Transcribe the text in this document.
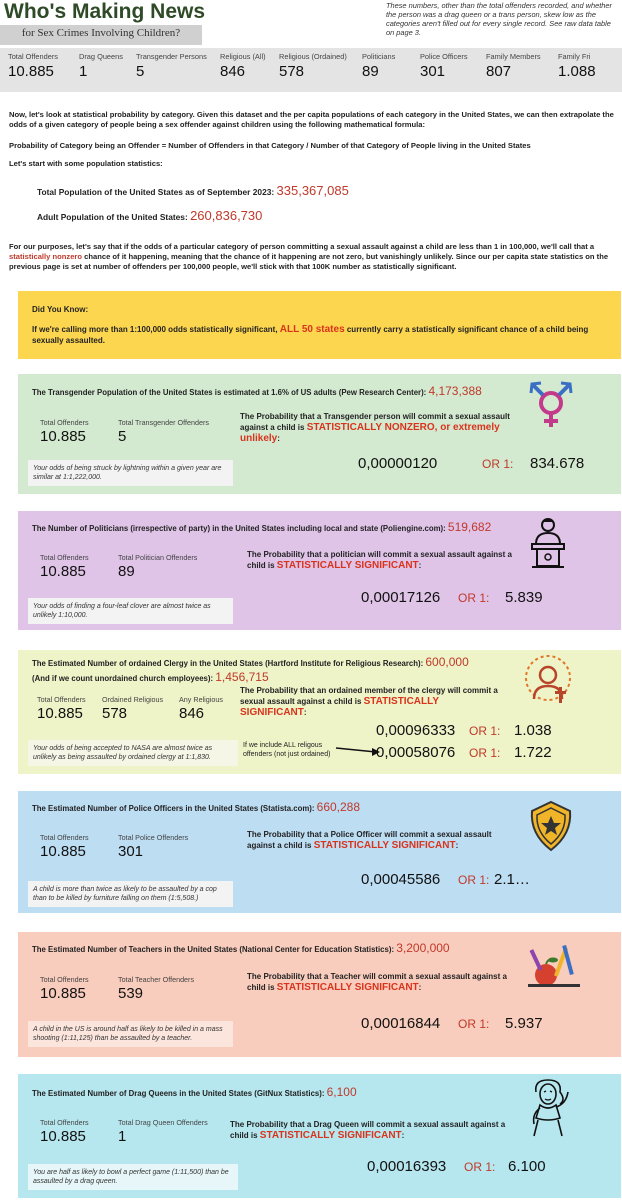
Who's Making News
for Sex Crimes Involving Children?
These numbers, other than the total offenders recorded, and whether the person was a drag queen or a trans person, skew low as the categories aren't filled out for every single record. See raw data table on page 3.
Total Offenders
10.885
Drag Queens
1
Transgender Persons
5
Religious (All)
846
Religious (Ordained)
578
Politicians
89
Police Officers
301
Family Members
807
Family Fri
1.088
Now, let's look at statistical probability by category. Given this dataset and the per capita populations of each category in the United States, we can then extrapolate the odds of a given category of people being a sex offender against children using the following mathematical formula:
Probability of Category being an Offender = Number of Offenders in that Category / Number of that Category of People living in the United States
Let's start with some population statistics:
Total Population of the United States as of September 2023: 335,367,085
Adult Population of the United States: 260,836,730
For our purposes, let's say that if the odds of a particular category of person committing a sexual assault against a child are less than 1 in 100,000, we'll call that a statistically nonzero chance of it happening, meaning that the chance of it happening are not zero, but vanishingly unlikely. Since our per capita state statistics on the previous page is set at number of offenders per 100,000 people, we'll stick with that 100K number as statistically significant.
Did You Know:
If we're calling more than 1:100,000 odds statistically significant, ALL 50 states currently carry a statistically significant chance of a child being sexually assaulted.
The Transgender Population of the United States is estimated at 1.6% of US adults (Pew Research Center): 4,173,388
Total Offenders
10.885
Total Transgender Offenders
5
The Probability that a Transgender person will commit a sexual assault against a child is STATISTICALLY NONZERO, or extremely unlikely:
0,00000120	OR 1: 834.678
Your odds of being struck by lightning within a given year are similar at 1:1,222,000.
The Number of Politicians (irrespective of party) in the United States including local and state (Poliengine.com): 519,682
Total Offenders
10.885
Total Politician Offenders
89
The Probability that a politician will commit a sexual assault against a child is STATISTICALLY SIGNIFICANT:
0,00017126 OR 1: 5.839
Your odds of finding a four-leaf clover are almost twice as unlikely 1:10,000.
The Estimated Number of ordained Clergy in the United States (Hartford Institute for Religious Research): 600,000
(And if we count unordained church employees): 1,456,715
Total Offenders
10.885
Ordained Religious
578
Any Religious
846
The Probability that an ordained member of the clergy will commit a sexual assault against a child is STATISTICALLY SIGNIFICANT:
0,00096333 OR 1: 1.038
Your odds of being accepted to NASA are almost twice as unlikely as being assaulted by ordained clergy at 1:1,830.
If we include ALL religous offenders (not just ordained)	0,00058076 OR 1: 1.722
The Estimated Number of Police Officers in the United States (Statista.com): 660,288
Total Offenders
10.885
Total Police Offenders
301
The Probability that a Police Officer will commit a sexual assault against a child is STATISTICALLY SIGNIFICANT:
0,00045586 OR 1: 2.1…
A child is more than twice as likely to be assaulted by a cop than to be killed by furniture falling on them (1:5,508.)
The Estimated Number of Teachers in the United States (National Center for Education Statistics): 3,200,000
Total Offenders
10.885
Total Teacher Offenders
539
The Probability that a Teacher will commit a sexual assault against a child is STATISTICALLY SIGNIFICANT:
0,00016844 OR 1: 5.937
A child in the US is around half as likely to be killed in a mass shooting (1:11,125) than be assaulted by a teacher.
The Estimated Number of Drag Queens in the United States (GitNux Statistics): 6,100
Total Offenders
10.885
Total Drag Queen Offenders
1
The Probability that a Drag Queen will commit a sexual assault against a child is STATISTICALLY SIGNIFICANT:
0,00016393 OR 1: 6.100
You are half as likely to bowl a perfect game (1:11,500) than be assaulted by a drag queen.
